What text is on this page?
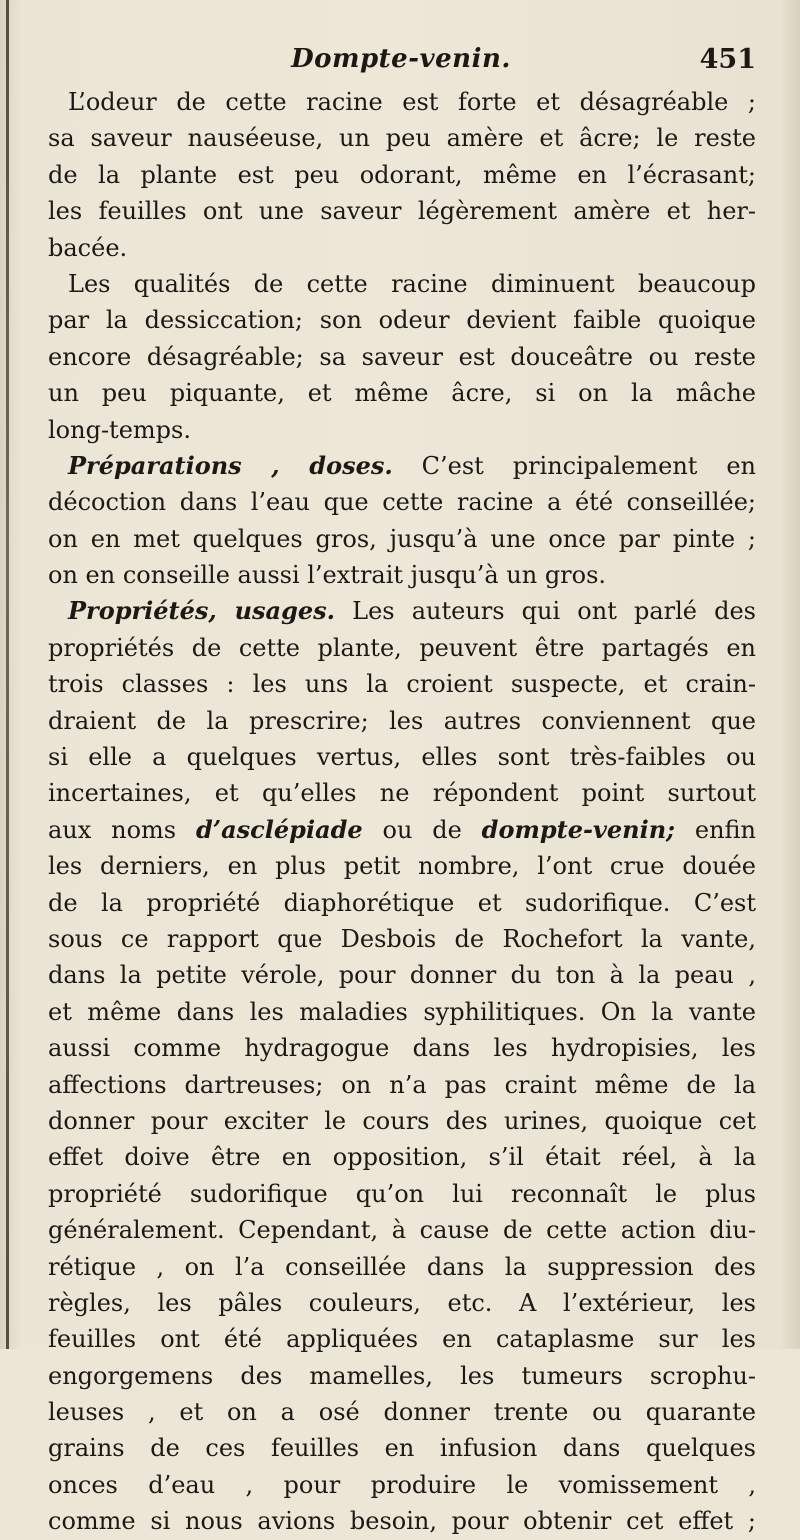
Dompte-venin.	451
L’odeur de cette racine est forte et désagréable ;
sa saveur nauséeuse, un peu amère et âcre; le reste
de la plante est peu odorant, même en l’écrasant;
les feuilles ont une saveur légèrement amère et her-
bacée.
Les qualités de cette racine diminuent beaucoup
par la dessiccation; son odeur devient faible quoique
encore désagréable; sa saveur est douceâtre ou reste
un peu piquante, et même âcre, si on la mâche
long-temps.
Préparations , doses. C’est principalement en
décoction dans l’eau que cette racine a été conseillée;
on en met quelques gros, jusqu’à une once par pinte ;
on en conseille aussi l’extrait jusqu’à un gros.
Propriétés, usages. Les auteurs qui ont parlé des
propriétés de cette plante, peuvent être partagés en
trois classes : les uns la croient suspecte, et crain-
draient de la prescrire; les autres conviennent que
si elle a quelques vertus, elles sont très-faibles ou
incertaines, et qu’elles ne répondent point surtout
aux noms d’asclépiade ou de dompte-venin; enfin
les derniers, en plus petit nombre, l’ont crue douée
de la propriété diaphorétique et sudorifique. C’est
sous ce rapport que Desbois de Rochefort la vante,
dans la petite vérole, pour donner du ton à la peau ,
et même dans les maladies syphilitiques. On la vante
aussi comme hydragogue dans les hydropisies, les
affections dartreuses; on n’a pas craint même de la
donner pour exciter le cours des urines, quoique cet
effet doive être en opposition, s’il était réel, à la
propriété sudorifique qu’on lui reconnaît le plus
généralement. Cependant, à cause de cette action diu-
rétique , on l’a conseillée dans la suppression des
règles, les pâles couleurs, etc. A l’extérieur, les
feuilles ont été appliquées en cataplasme sur les
engorgemens des mamelles, les tumeurs scrophu-
leuses , et on a osé donner trente ou quarante
grains de ces feuilles en infusion dans quelques
onces d’eau , pour produire le vomissement ,
comme si nous avions besoin, pour obtenir cet effet ;
